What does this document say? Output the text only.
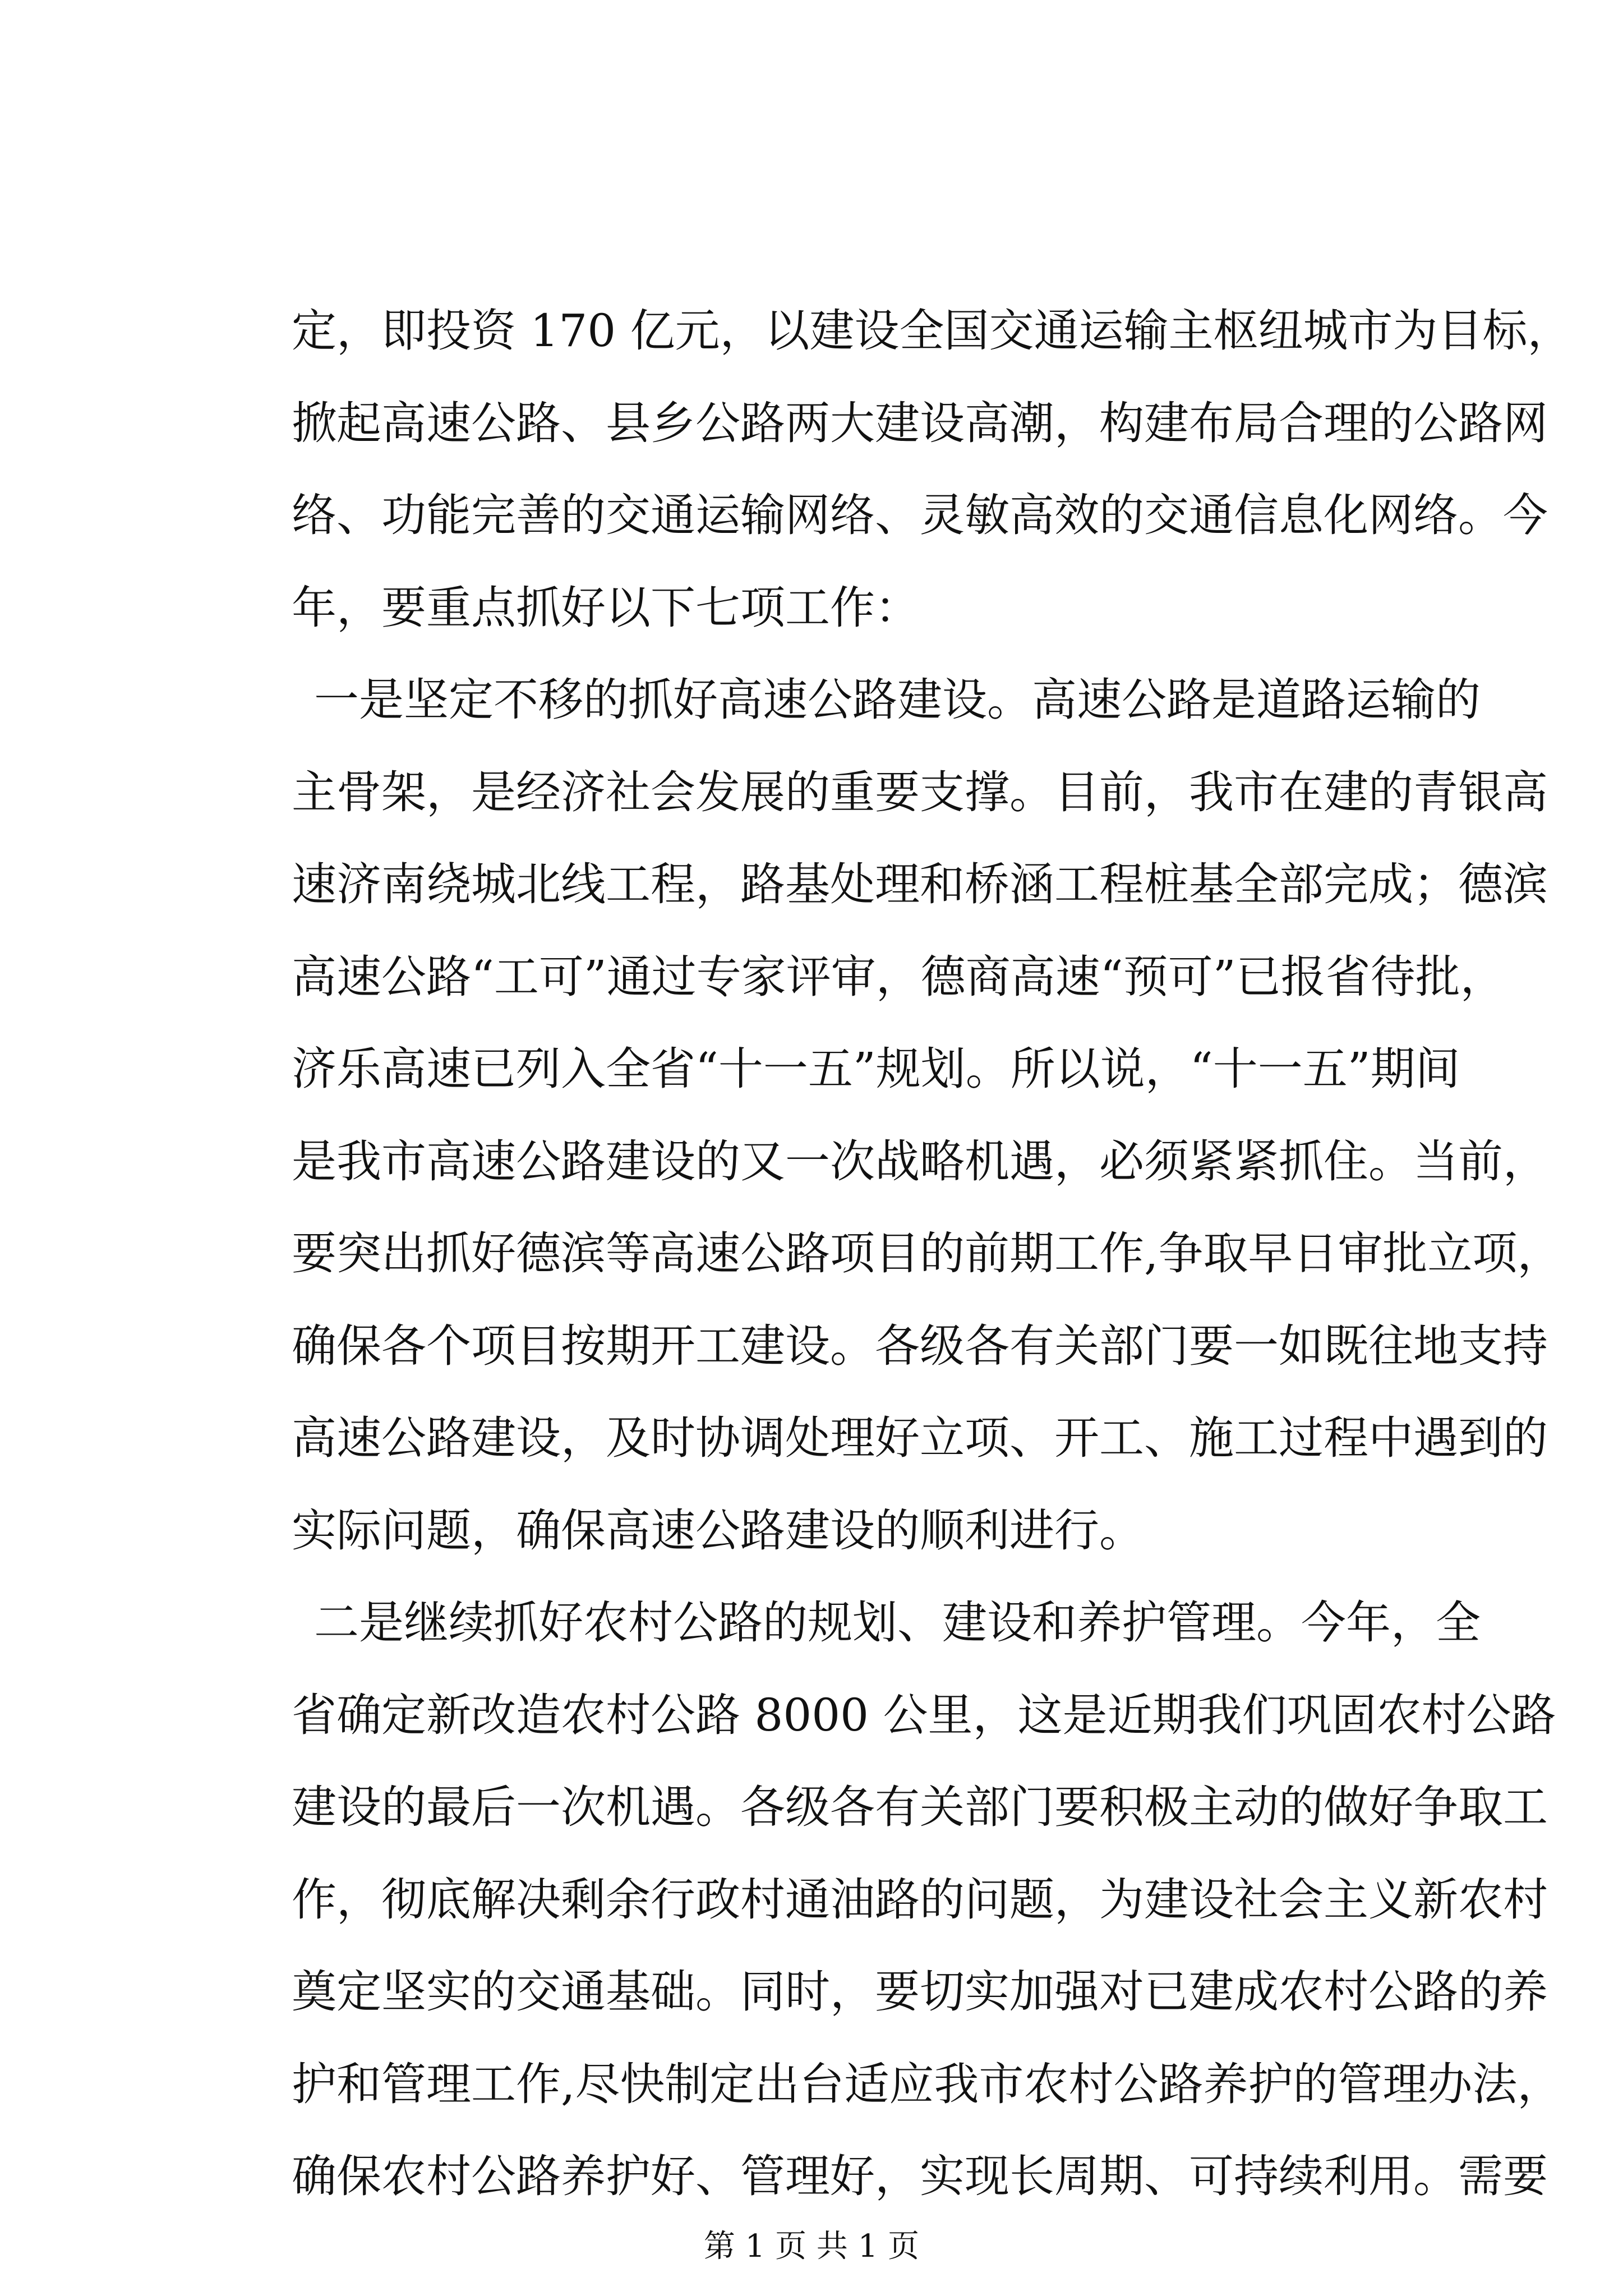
定，即投资 170 亿元，以建设全国交通运输主枢纽城市为目标，
掀起高速公路、县乡公路两大建设高潮，构建布局合理的公路网
络、功能完善的交通运输网络、灵敏高效的交通信息化网络。今
年，要重点抓好以下七项工作：
一是坚定不移的抓好高速公路建设。高速公路是道路运输的
主骨架，是经济社会发展的重要支撑。目前，我市在建的青银高
速济南绕城北线工程，路基处理和桥涵工程桩基全部完成；德滨
高速公路“工可”通过专家评审，德商高速“预可”已报省待批，
济乐高速已列入全省“十一五”规划。所以说，“十一五”期间
是我市高速公路建设的又一次战略机遇，必须紧紧抓住。当前，
要突出抓好德滨等高速公路项目的前期工作,争取早日审批立项，
确保各个项目按期开工建设。各级各有关部门要一如既往地支持
高速公路建设，及时协调处理好立项、开工、施工过程中遇到的
实际问题，确保高速公路建设的顺利进行。
二是继续抓好农村公路的规划、建设和养护管理。今年，全
省确定新改造农村公路 8000 公里，这是近期我们巩固农村公路
建设的最后一次机遇。各级各有关部门要积极主动的做好争取工
作，彻底解决剩余行政村通油路的问题，为建设社会主义新农村
奠定坚实的交通基础。同时，要切实加强对已建成农村公路的养
护和管理工作,尽快制定出台适应我市农村公路养护的管理办法，
确保农村公路养护好、管理好，实现长周期、可持续利用。需要
第 1 页 共 1 页
